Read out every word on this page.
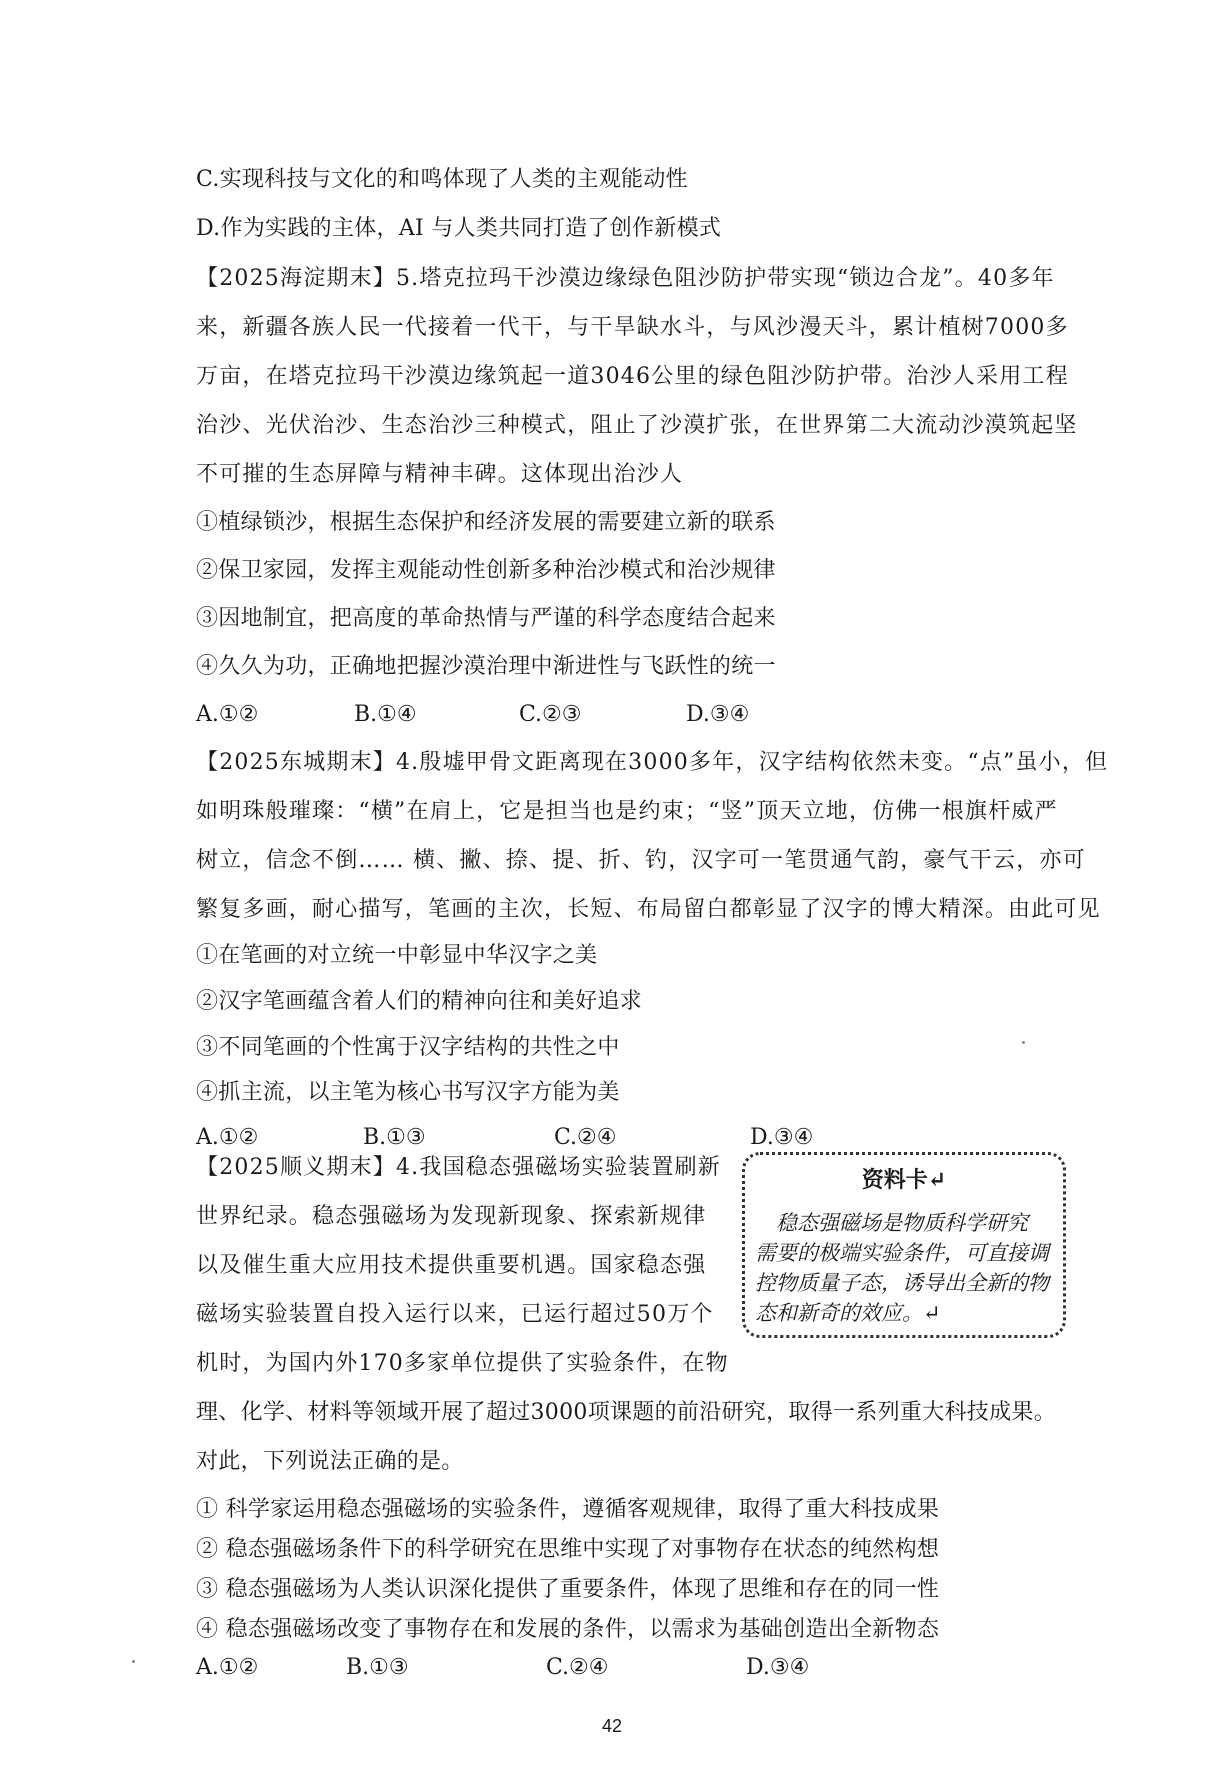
C.实现科技与文化的和鸣体现了人类的主观能动性
D.作为实践的主体，AI 与人类共同打造了创作新模式
【2025海淀期末】5.塔克拉玛干沙漠边缘绿色阻沙防护带实现“锁边合龙”。40多年
来，新疆各族人民一代接着一代干，与干旱缺水斗，与风沙漫天斗，累计植树7000多
万亩，在塔克拉玛干沙漠边缘筑起一道3046公里的绿色阻沙防护带。治沙人采用工程
治沙、光伏治沙、生态治沙三种模式，阻止了沙漠扩张，在世界第二大流动沙漠筑起坚
不可摧的生态屏障与精神丰碑。这体现出治沙人
①植绿锁沙，根据生态保护和经济发展的需要建立新的联系
②保卫家园，发挥主观能动性创新多种治沙模式和治沙规律
③因地制宜，把高度的革命热情与严谨的科学态度结合起来
④久久为功，正确地把握沙漠治理中渐进性与飞跃性的统一
A.①②	B.①④	C.②③	D.③④
【2025东城期末】4.殷墟甲骨文距离现在3000多年，汉字结构依然未变。“点”虽小，但
如明珠般璀璨：“横”在肩上，它是担当也是约束；“竖”顶天立地，仿佛一根旗杆威严
树立，信念不倒…… 横、撇、捺、提、折、钓，汉字可一笔贯通气韵，豪气干云，亦可
繁复多画，耐心描写，笔画的主次，长短、布局留白都彰显了汉字的博大精深。由此可见
①在笔画的对立统一中彰显中华汉字之美
②汉字笔画蕴含着人们的精神向往和美好追求
③不同笔画的个性寓于汉字结构的共性之中
④抓主流，以主笔为核心书写汉字方能为美
A.①②	B.①③	C.②④	D.③④
【2025顺义期末】4.我国稳态强磁场实验装置刷新
世界纪录。稳态强磁场为发现新现象、探索新规律
以及催生重大应用技术提供重要机遇。国家稳态强
磁场实验装置自投入运行以来，已运行超过50万个
机时，为国内外170多家单位提供了实验条件，在物
资料卡↵
　稳态强磁场是物质科学研究
需要的极端实验条件，可直接调
控物质量子态，诱导出全新的物
态和新奇的效应。↵
理、化学、材料等领域开展了超过3000项课题的前沿研究，取得一系列重大科技成果。
对此，下列说法正确的是。
① 科学家运用稳态强磁场的实验条件，遵循客观规律，取得了重大科技成果
② 稳态强磁场条件下的科学研究在思维中实现了对事物存在状态的纯然构想
③ 稳态强磁场为人类认识深化提供了重要条件，体现了思维和存在的同一性
④ 稳态强磁场改变了事物存在和发展的条件，以需求为基础创造出全新物态
A.①②	B.①③	C.②④	D.③④
42
